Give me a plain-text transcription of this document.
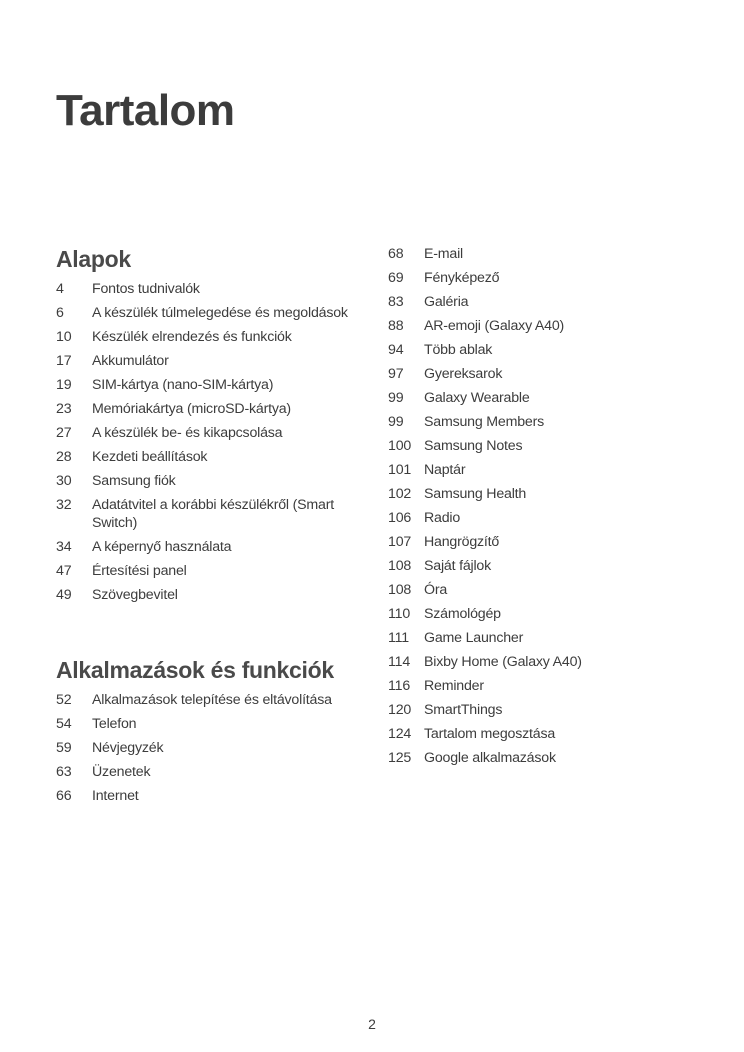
Tartalom
Alapok
4	Fontos tudnivalók
6	A készülék túlmelegedése és megoldások
10	Készülék elrendezés és funkciók
17	Akkumulátor
19	SIM-kártya (nano-SIM-kártya)
23	Memóriakártya (microSD-kártya)
27	A készülék be- és kikapcsolása
28	Kezdeti beállítások
30	Samsung fiók
32	Adatátvitel a korábbi készülékről (Smart Switch)
34	A képernyő használata
47	Értesítési panel
49	Szövegbevitel
Alkalmazások és funkciók
52	Alkalmazások telepítése és eltávolítása
54	Telefon
59	Névjegyzék
63	Üzenetek
66	Internet
68	E-mail
69	Fényképező
83	Galéria
88	AR-emoji (Galaxy A40)
94	Több ablak
97	Gyereksarok
99	Galaxy Wearable
99	Samsung Members
100 Samsung Notes
101 Naptár
102 Samsung Health
106 Radio
107 Hangrögzítő
108 Saját fájlok
108 Óra
110 Számológép
111	Game Launcher
114 Bixby Home (Galaxy A40)
116 Reminder
120 SmartThings
124 Tartalom megosztása
125 Google alkalmazások
2
